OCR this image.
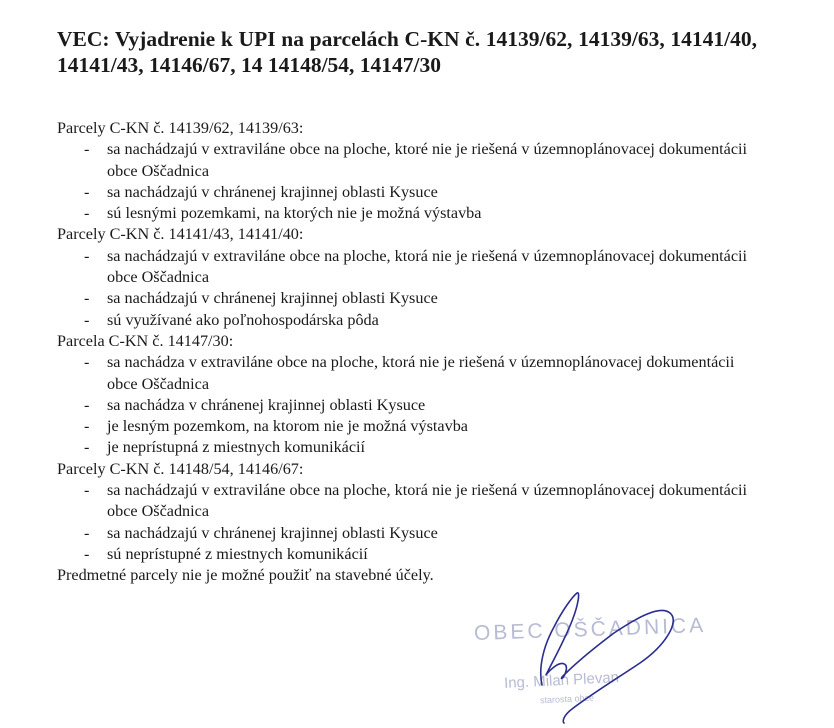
VEC: Vyjadrenie k UPI na parcelách C-KN č. 14139/62, 14139/63, 14141/40, 14141/43, 14146/67, 14 14148/54, 14147/30

Parcely C-KN č. 14139/62, 14139/63:

- sa nachádzajú v extraviláne obce na ploche, ktoré nie je riešená v územnoplánovacej dokumentácii obce Oščadnica
- sa nachádzajú v chránenej krajinnej oblasti Kysuce
- sú lesnými pozemkami, na ktorých nie je možná výstavba

Parcely C-KN č. 14141/43, 14141/40:

- sa nachádzajú v extraviláne obce na ploche, ktorá nie je riešená v územnoplánovacej dokumentácii obce Oščadnica
- sa nachádzajú v chránenej krajinnej oblasti Kysuce
- sú využívané ako poľnohospodárska pôda

Parcela C-KN č. 14147/30:

- sa nachádza v extraviláne obce na ploche, ktorá nie je riešená v územnoplánovacej dokumentácii obce Oščadnica
- sa nachádza v chránenej krajinnej oblasti Kysuce
- je lesným pozemkom, na ktorom nie je možná výstavba
- je neprístupná z miestnych komunikácií

Parcely C-KN č. 14148/54, 14146/67:

- sa nachádzajú v extraviláne obce na ploche, ktorá nie je riešená v územnoplánovacej dokumentácii obce Oščadnica
- sa nachádzajú v chránenej krajinnej oblasti Kysuce
- sú neprístupné z miestnych komunikácií

Predmetné parcely nie je možné použiť na stavebné účely.

OBEC OŠČADNICA
Ing. Milan Plevan
starosta obce
